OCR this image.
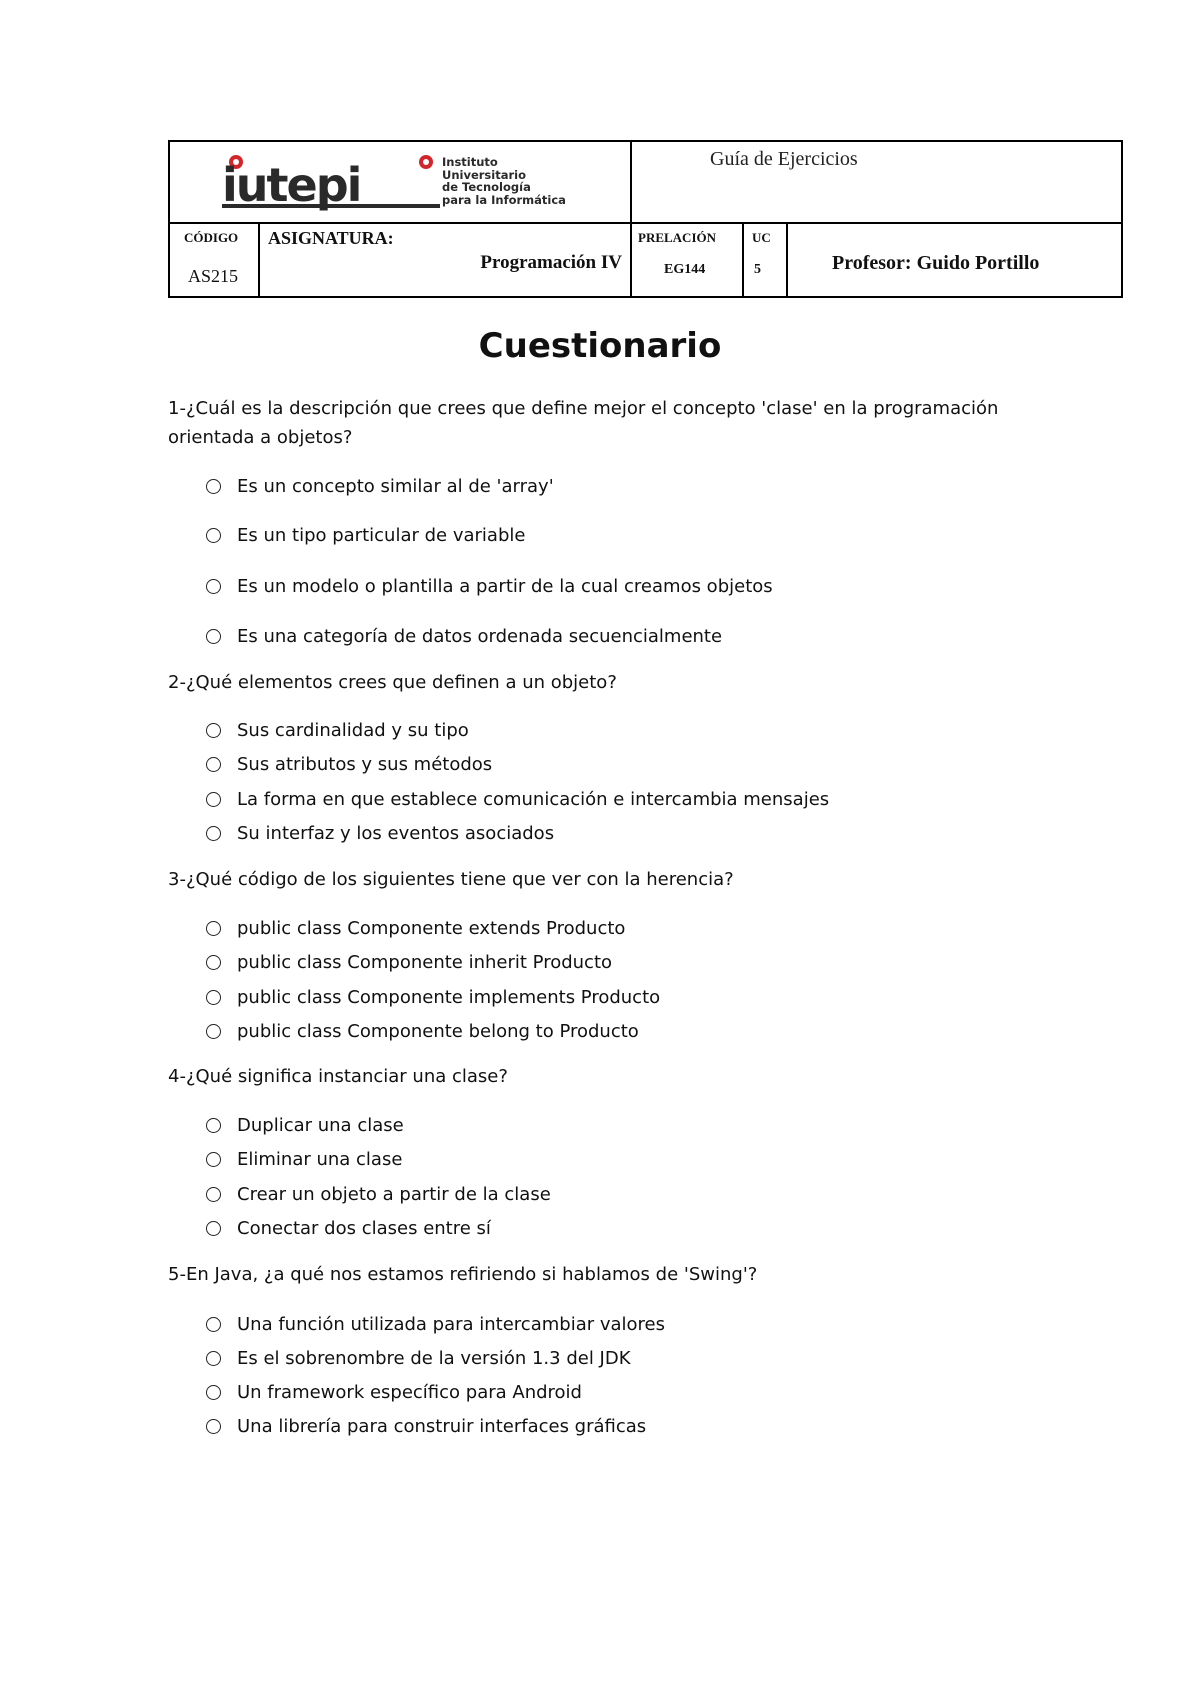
iutepi	Instituto
Universitario
de Tecnología
para la Informática
Guía de Ejercicios
CÓDIGO
AS215
ASIGNATURA:
Programación IV
PRELACIÓN
EG144
UC
5	Profesor: Guido Portillo
Cuestionario
1-¿Cuál es la descripción que crees que define mejor el concepto 'clase' en la programación
orientada a objetos?
Es un concepto similar al de 'array'
Es un tipo particular de variable
Es un modelo o plantilla a partir de la cual creamos objetos
Es una categoría de datos ordenada secuencialmente
2-¿Qué elementos crees que definen a un objeto?
Sus cardinalidad y su tipo
Sus atributos y sus métodos
La forma en que establece comunicación e intercambia mensajes
Su interfaz y los eventos asociados
3-¿Qué código de los siguientes tiene que ver con la herencia?
public class Componente extends Producto
public class Componente inherit Producto
public class Componente implements Producto
public class Componente belong to Producto
4-¿Qué significa instanciar una clase?
Duplicar una clase
Eliminar una clase
Crear un objeto a partir de la clase
Conectar dos clases entre sí
5-En Java, ¿a qué nos estamos refiriendo si hablamos de 'Swing'?
Una función utilizada para intercambiar valores
Es el sobrenombre de la versión 1.3 del JDK
Un framework específico para Android
Una librería para construir interfaces gráficas
